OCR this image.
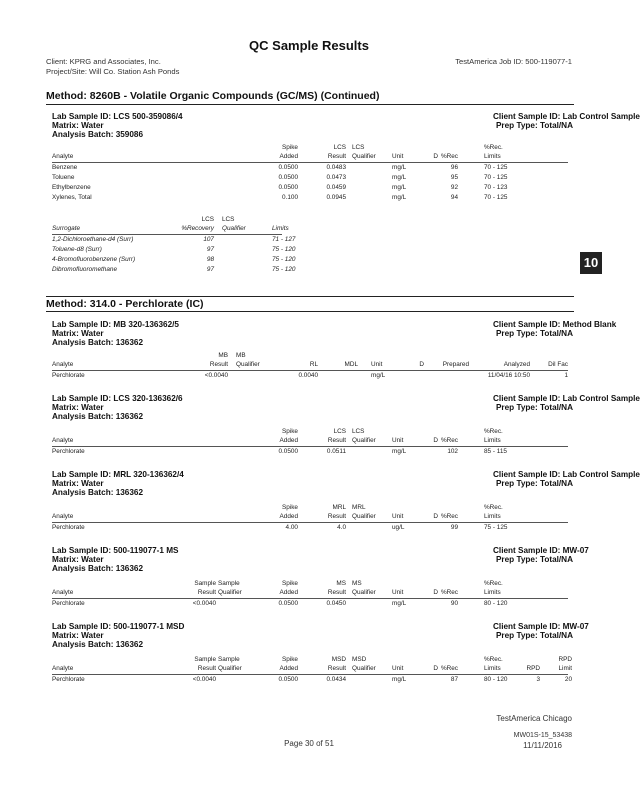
QC Sample Results
Client: KPRG and Associates, Inc.
Project/Site: Will Co. Station Ash Ponds
TestAmerica Job ID: 500-119077-1
10
Method: 8260B - Volatile Organic Compounds (GC/MS) (Continued)
Lab Sample ID: LCS 500-359086/4	Client Sample ID: Lab Control Sample
Matrix: Water	Prep Type: Total/NA
Analysis Batch: 359086
Spike	LCS LCS	%Rec.
Analyte	Added	Result Qualifier	Unit	D %Rec	Limits
Benzene	0.0500	0.0483	mg/L	96	70 - 125
Toluene	0.0500	0.0473	mg/L	95	70 - 125
Ethylbenzene	0.0500	0.0459	mg/L	92	70 - 123
Xylenes, Total	0.100	0.0945	mg/L	94	70 - 125
LCS LCS
Surrogate	%Recovery Qualifier	Limits
1,2-Dichloroethane-d4 (Surr)	107	71 - 127
Toluene-d8 (Surr)	97	75 - 120
4-Bromofluorobenzene (Surr)	98	75 - 120
Dibromofluoromethane	97	75 - 120
Method: 314.0 - Perchlorate (IC)
Lab Sample ID: MB 320-136362/5	Client Sample ID: Method Blank
Matrix: Water	Prep Type: Total/NA
Analysis Batch: 136362
MB MB
Analyte	Result Qualifier	RL	MDL Unit	D	Prepared	Analyzed	Dil Fac
Perchlorate	<0.0040	0.0040	mg/L	11/04/16 10:50	1
Lab Sample ID: LCS 320-136362/6	Client Sample ID: Lab Control Sample
Matrix: Water	Prep Type: Total/NA
Analysis Batch: 136362
Spike	LCS LCS	%Rec.
Analyte	Added	Result Qualifier	Unit	D %Rec	Limits
Perchlorate	0.0500	0.0511	mg/L	102	85 - 115
Lab Sample ID: MRL 320-136362/4	Client Sample ID: Lab Control Sample
Matrix: Water	Prep Type: Total/NA
Analysis Batch: 136362
Spike	MRL MRL	%Rec.
Analyte	Added	Result Qualifier	Unit	D %Rec	Limits
Perchlorate	4.00	4.0	ug/L	99	75 - 125
Lab Sample ID: 500-119077-1 MS	Client Sample ID: MW-07
Matrix: Water	Prep Type: Total/NA
Analysis Batch: 136362
Sample Sample	Spike	MS MS	%Rec.
Analyte	Result Qualifier	Added	Result Qualifier	Unit	D %Rec	Limits
Perchlorate	<0.0040	0.0500	0.0450	mg/L	90	80 - 120
Lab Sample ID: 500-119077-1 MSD	Client Sample ID: MW-07
Matrix: Water	Prep Type: Total/NA
Analysis Batch: 136362
Sample Sample	Spike	MSD MSD	%Rec.	RPD
Analyte	Result Qualifier	Added	Result Qualifier	Unit	D %Rec	Limits	RPD	Limit
Perchlorate	<0.0040	0.0500	0.0434	mg/L	87	80 - 120	3	20
TestAmerica Chicago
Page 30 of 51
MW01S-15_53438
11/11/2016
